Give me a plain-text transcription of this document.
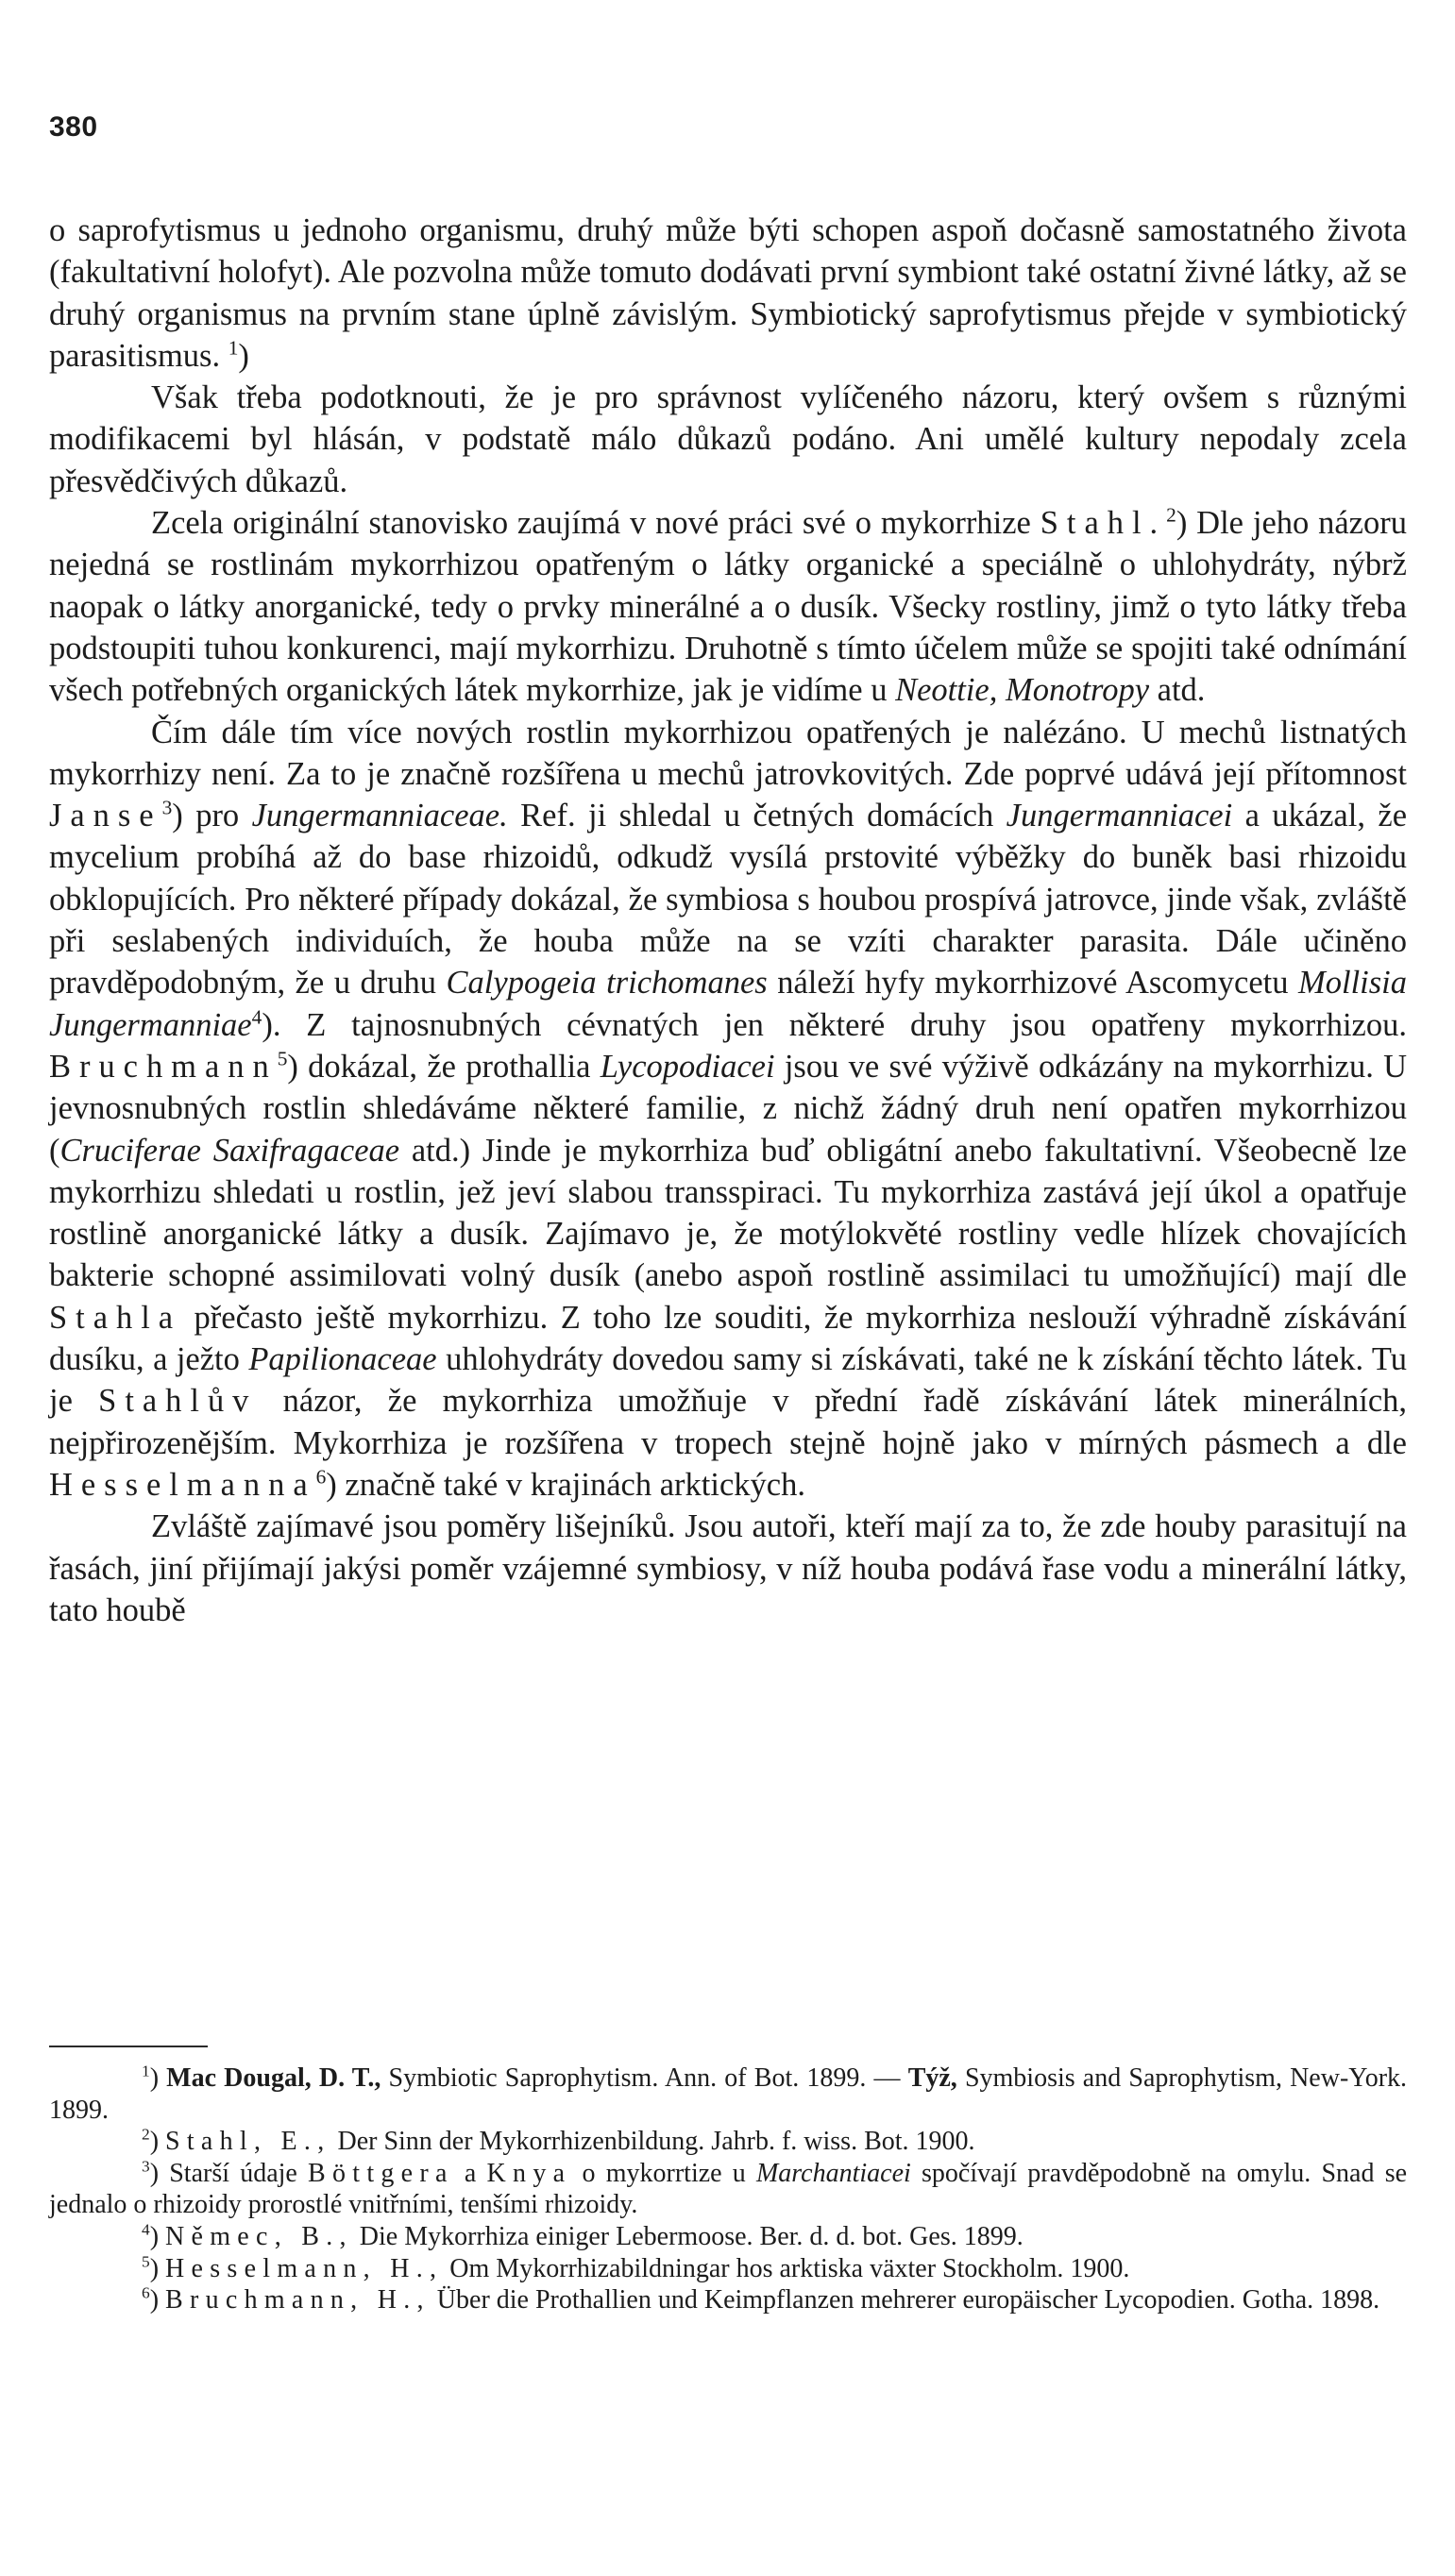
380

o saprofytismus u jednoho organismu, druhý může býti schopen aspoň dočasně samostatného života (fakultativní holofyt). Ale pozvolna může tomuto dodávati první symbiont také ostatní živné látky, až se druhý organismus na prvním stane úplně závislým. Symbiotický saprofytismus přejde v symbiotický parasitismus. $^1$)

Však třeba podotknouti, že je pro správnost vylíčeného názoru, který ovšem s různými modifikacemi byl hlásán, v podstatě málo důkazů podáno. Ani umělé kultury nepodaly zcela přesvědčivých důkazů.

Zcela originální stanovisko zaujímá v nové práci své o mykorrhize Stahl.$^2$) Dle jeho názoru nejedná se rostlinám mykorrhizou opatřeným o látky organické a speciálně o uhlohydráty, nýbrž naopak o látky anorganické, tedy o prvky minerálné a o dusík. Všecky rostliny, jimž o tyto látky třeba podstoupiti tuhou konkurenci, mají mykorrhizu. Druhotně s tímto účelem může se spojiti také odnímání všech potřebných organických látek mykorrhize, jak je vidíme u Neottie, Monotropy atd.

Čím dále tím více nových rostlin mykorrhizou opatřených je nalézáno. U mechů listnatých mykorrhizy není. Za to je značně rozšířena u mechů jatrovkovitých. Zde poprvé udává její přítomnost Janse$^3$) pro Jungermanniaceae. Ref. ji shledal u četných domácích Jungermanniacei a ukázal, že mycelium probíhá až do base rhizoidů, odkudž vysílá prstovité výběžky do buněk basi rhizoidu obklopujících. Pro některé případy dokázal, že symbiosa s houbou prospívá jatrovce, jinde však, zvláště při seslabených individuích, že houba může na se vzíti charakter parasita. Dále učiněno pravděpodobným, že u druhu Calypogeia trichomanes náleží hyfy mykorrhizové Ascomycetu Mollisia Jungermanniae$^4$). Z tajnosnubných cévnatých jen některé druhy jsou opatřeny mykorrhizou. Bruchmann$^5$) dokázal, že prothallia Lycopodiacei jsou ve své výživě odkázány na mykorrhizu. U jevnosnubných rostlin shledáváme některé familie, z nichž žádný druh není opatřen mykorrhizou (Cruciferae Saxifragaceae atd.) Jinde je mykorrhiza buď obligátní anebo fakultativní. Všeobecně lze mykorrhizu shledati u rostlin, jež jeví slabou transspiraci. Tu mykorrhiza zastává její úkol a opatřuje rostlině anorganické látky a dusík. Zajímavo je, že motýlokvěté rostliny vedle hlízek chovajících bakterie schopné assimilovati volný dusík (anebo aspoň rostlině assimilaci tu umožňující) mají dle Stahla přečasto ještě mykorrhizu. Z toho lze souditi, že mykorrhiza neslouží výhradně získávání dusíku, a ježto Papilionaceae uhlohydráty dovedou samy si získávati, také ne k získání těchto látek. Tu je Stahlův názor, že mykorrhiza umožňuje v přední řadě získávání látek minerálních, nejpřirozenějším. Mykorrhiza je rozšířena v tropech stejně hojně jako v mírných pásmech a dle Hesselmanna$^6$) značně také v krajinách arktických.

Zvláště zajímavé jsou poměry lišejníků. Jsou autoři, kteří mají za to, že zde houby parasitují na řasách, jiní přijímají jakýsi poměr vzájemné symbiosy, v níž houba podává řase vodu a minerální látky, tato houbě

$^1$) Mac Dougal, D. T., Symbiotic Saprophytism. Ann. of Bot. 1899. — Týž, Symbiosis and Saprophytism, New-York. 1899.

$^2$) Stahl, E., Der Sinn der Mykorrhizenbildung. Jahrb. f. wiss. Bot. 1900.

$^3$) Starší údaje Böttgera a Knya o mykorrtize u Marchantiacei spočívají pravděpodobně na omylu. Snad se jednalo o rhizoidy prorostlé vnitřními, tenšími rhizoidy.

$^4$) Němec, B., Die Mykorrhiza einiger Lebermoose. Ber. d. d. bot. Ges. 1899.

$^5$) Hesselmann, H., Om Mykorrhizabildningar hos arktiska växter Stockholm. 1900.

$^6$) Bruchmann, H., Über die Prothallien und Keimpflanzen mehrerer europäischer Lycopodien. Gotha. 1898.
